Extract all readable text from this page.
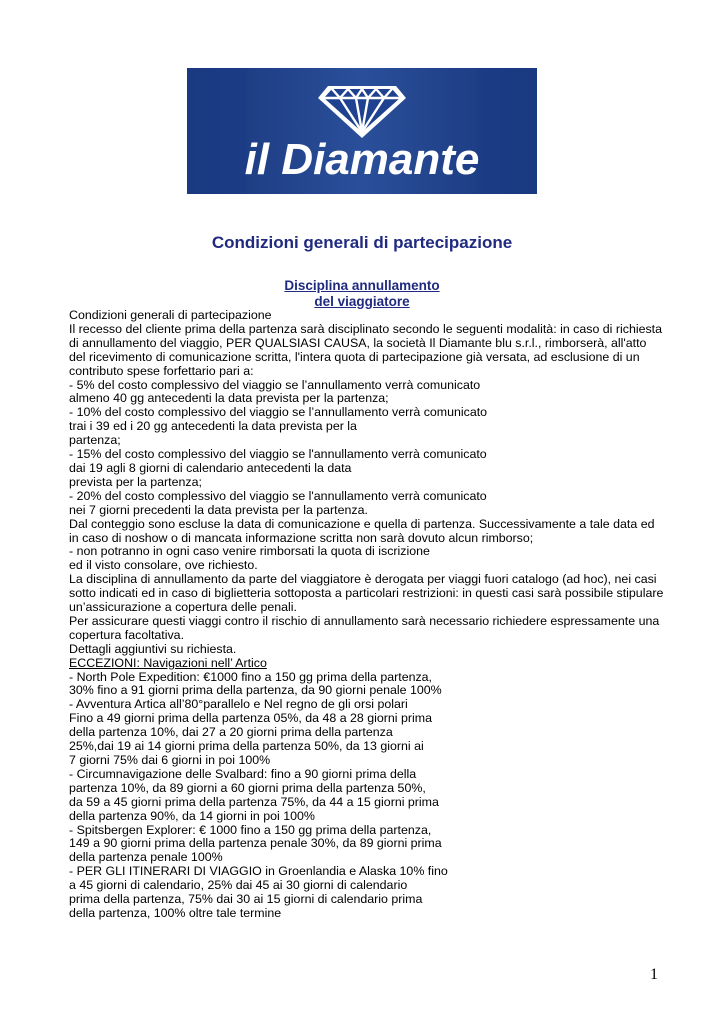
il Diamante
Condizioni generali di partecipazione
Disciplina annullamento
del viaggiatore
Condizioni generali di partecipazione
Il recesso del cliente prima della partenza sarà disciplinato secondo le seguenti modalità: in caso di richiesta
di annullamento del viaggio, PER QUALSIASI CAUSA, la società Il Diamante blu s.r.l., rimborserà, all'atto
del ricevimento di comunicazione scritta, l'intera quota di partecipazione già versata, ad esclusione di un
contributo spese forfettario pari a:
- 5% del costo complessivo del viaggio se l’annullamento verrà comunicato
almeno 40 gg antecedenti la data prevista per la partenza;
- 10% del costo complessivo del viaggio se l’annullamento verrà comunicato
trai i 39 ed i 20 gg antecedenti la data prevista per la
partenza;
- 15% del costo complessivo del viaggio se l'annullamento verrà comunicato
dai 19 agli 8 giorni di calendario antecedenti la data
prevista per la partenza;
- 20% del costo complessivo del viaggio se l'annullamento verrà comunicato
nei 7 giorni precedenti la data prevista per la partenza.
Dal conteggio sono escluse la data di comunicazione e quella di partenza. Successivamente a tale data ed
in caso di noshow o di mancata informazione scritta non sarà dovuto alcun rimborso;
- non potranno in ogni caso venire rimborsati la quota di iscrizione
ed il visto consolare, ove richiesto.
La disciplina di annullamento da parte del viaggiatore è derogata per viaggi fuori catalogo (ad hoc), nei casi
sotto indicati ed in caso di biglietteria sottoposta a particolari restrizioni: in questi casi sarà possibile stipulare
un’assicurazione a copertura delle penali.
Per assicurare questi viaggi contro il rischio di annullamento sarà necessario richiedere espressamente una
copertura facoltativa.
Dettagli aggiuntivi su richiesta.
ECCEZIONI: Navigazioni nell’ Artico
- North Pole Expedition: €1000 fino a 150 gg prima della partenza,
30% fino a 91 giorni prima della partenza, da 90 giorni penale 100%
- Avventura Artica all’80°parallelo e Nel regno de gli orsi polari
Fino a 49 giorni prima della partenza 05%, da 48 a 28 giorni prima
della partenza 10%, dai 27 a 20 giorni prima della partenza
25%,dai 19 ai 14 giorni prima della partenza 50%, da 13 giorni ai
7 giorni 75% dai 6 giorni in poi 100%
- Circumnavigazione delle Svalbard: fino a 90 giorni prima della
partenza 10%, da 89 giorni a 60 giorni prima della partenza 50%,
da 59 a 45 giorni prima della partenza 75%, da 44 a 15 giorni prima
della partenza 90%, da 14 giorni in poi 100%
- Spitsbergen Explorer: € 1000 fino a 150 gg prima della partenza,
149 a 90 giorni prima della partenza penale 30%, da 89 giorni prima
della partenza penale 100%
- PER GLI ITINERARI DI VIAGGIO in Groenlandia e Alaska 10% fino
a 45 giorni di calendario, 25% dai 45 ai 30 giorni di calendario
prima della partenza, 75% dai 30 ai 15 giorni di calendario prima
della partenza, 100% oltre tale termine
1
